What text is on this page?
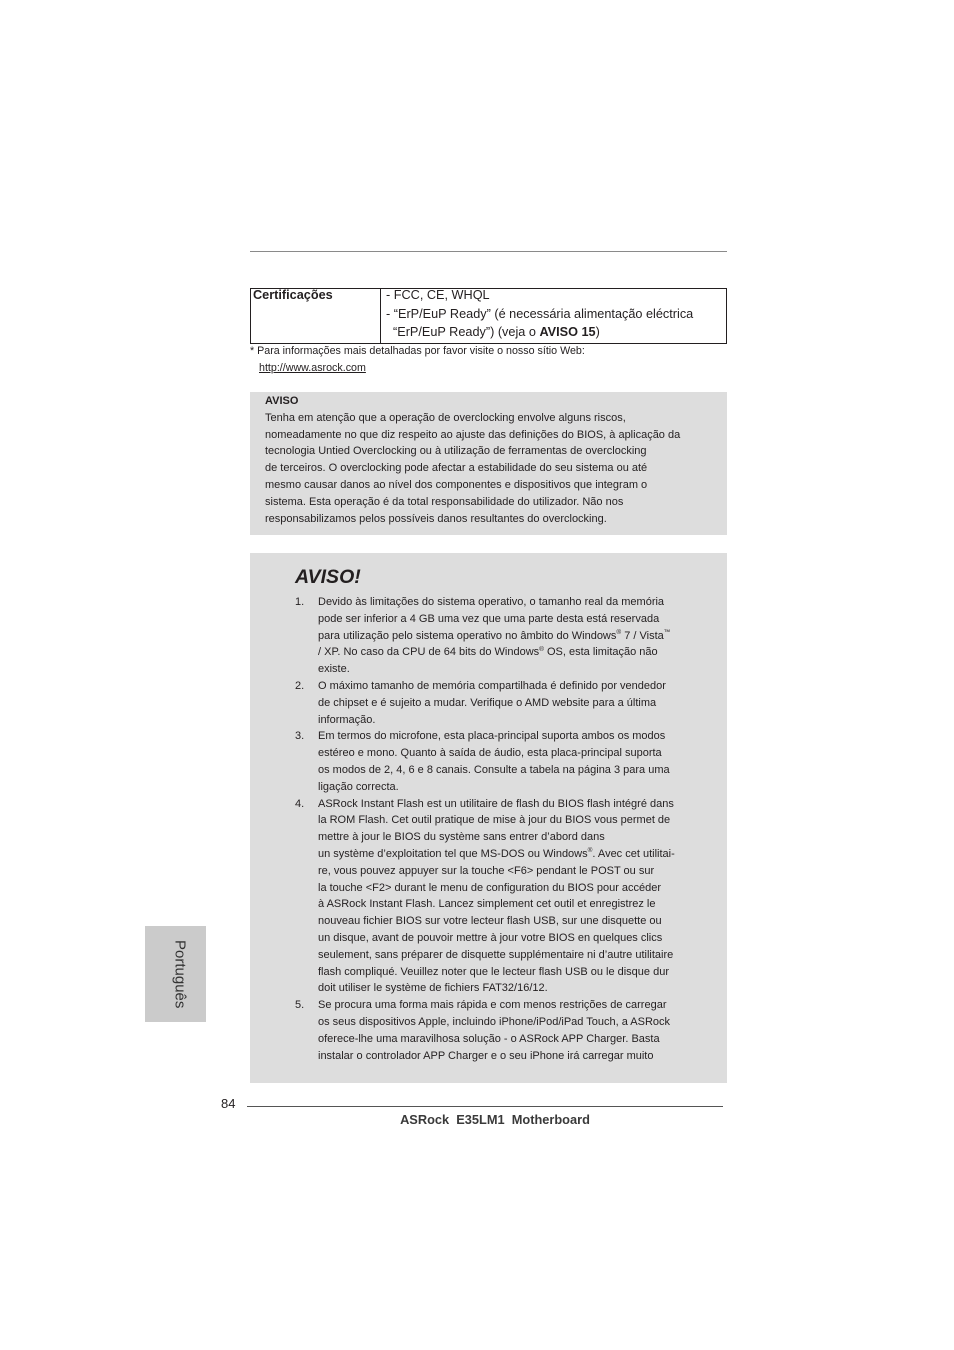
Certificações	- FCC, CE, WHQL
- “ErP/EuP Ready” (é necessária alimentação eléctrica
“ErP/EuP Ready”) (veja o AVISO 15)
* Para informações mais detalhadas por favor visite o nosso sítio Web:
http://www.asrock.com
AVISO
Tenha em atenção que a operação de overclocking envolve alguns riscos,
nomeadamente no que diz respeito ao ajuste das definições do BIOS, à aplicação da
tecnologia Untied Overclocking ou à utilização de ferramentas de overclocking
de terceiros. O overclocking pode afectar a estabilidade do seu sistema ou até
mesmo causar danos ao nível dos componentes e dispositivos que integram o
sistema. Esta operação é da total responsabilidade do utilizador. Não nos
responsabilizamos pelos possíveis danos resultantes do overclocking.
AVISO!
1.	Devido às limitações do sistema operativo, o tamanho real da memória
pode ser inferior a 4 GB uma vez que uma parte desta está reservada
para utilização pelo sistema operativo no âmbito do Windows® 7 / Vista™
/ XP. No caso da CPU de 64 bits do Windows® OS, esta limitação não
existe.
2.	O máximo tamanho de memória compartilhada é definido por vendedor
de chipset e é sujeito a mudar. Verifique o AMD website para a última
informação.
3.	Em termos do microfone, esta placa-principal suporta ambos os modos
estéreo e mono. Quanto à saída de áudio, esta placa-principal suporta
os modos de 2, 4, 6 e 8 canais. Consulte a tabela na página 3 para uma
ligação correcta.
4.	ASRock Instant Flash est un utilitaire de flash du BIOS flash intégré dans
la ROM Flash. Cet outil pratique de mise à jour du BIOS vous permet de
mettre à jour le BIOS du système sans entrer d’abord dans
un système d’exploitation tel que MS-DOS ou Windows®. Avec cet utilitai-
re, vous pouvez appuyer sur la touche <F6> pendant le POST ou sur
la touche <F2> durant le menu de configuration du BIOS pour accéder
à ASRock Instant Flash. Lancez simplement cet outil et enregistrez le
nouveau fichier BIOS sur votre lecteur flash USB, sur une disquette ou
un disque, avant de pouvoir mettre à jour votre BIOS en quelques clics
seulement, sans préparer de disquette supplémentaire ni d’autre utilitaire
flash compliqué. Veuillez noter que le lecteur flash USB ou le disque dur
doit utiliser le système de fichiers FAT32/16/12.
5.	Se procura uma forma mais rápida e com menos restrições de carregar
os seus dispositivos Apple, incluindo iPhone/iPod/iPad Touch, a ASRock
oferece-lhe uma maravilhosa solução - o ASRock APP Charger. Basta
instalar o controlador APP Charger e o seu iPhone irá carregar muito
Português
84
ASRock  E35LM1  Motherboard
